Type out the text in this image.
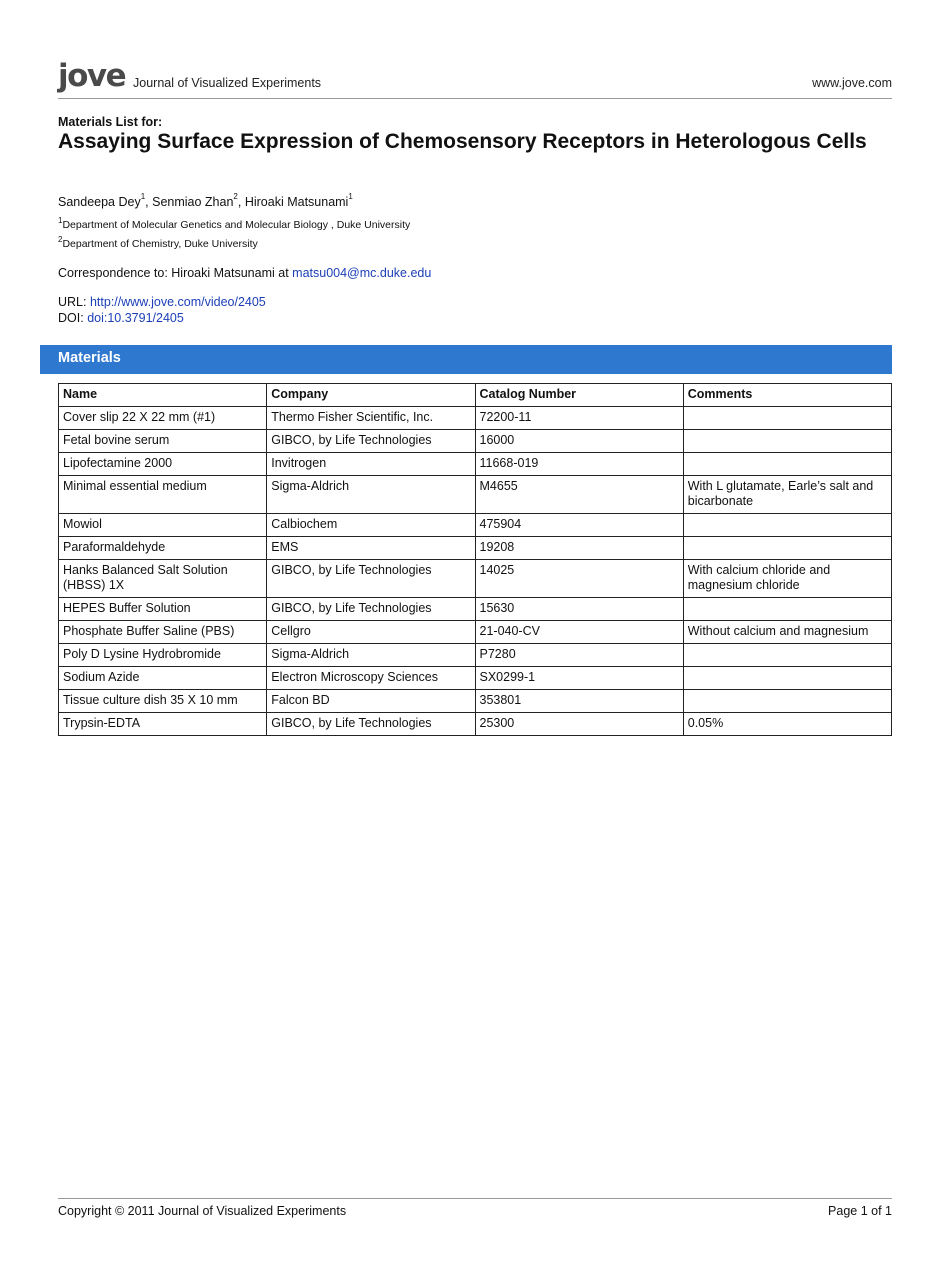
jove Journal of Visualized Experiments	www.jove.com
Materials List for:
Assaying Surface Expression of Chemosensory Receptors in Heterologous Cells
Sandeepa Dey$^1$, Senmiao Zhan$^2$, Hiroaki Matsunami$^1$
$^1$Department of Molecular Genetics and Molecular Biology , Duke University
$^2$Department of Chemistry, Duke University
Correspondence to: Hiroaki Matsunami at matsu004@mc.duke.edu
URL: http://www.jove.com/video/2405
DOI: doi:10.3791/2405
Materials
Name	Company	Catalog Number	Comments
Cover slip 22 X 22 mm (#1)	Thermo Fisher Scientific, Inc.	72200-11	
Fetal bovine serum	GIBCO, by Life Technologies	16000	
Lipofectamine 2000	Invitrogen	11668-019	
Minimal essential medium	Sigma-Aldrich	M4655	With L glutamate, Earle’s salt and bicarbonate
Mowiol	Calbiochem	475904	
Paraformaldehyde	EMS	19208	
Hanks Balanced Salt Solution (HBSS) 1X	GIBCO, by Life Technologies	14025	With calcium chloride and magnesium chloride
HEPES Buffer Solution	GIBCO, by Life Technologies	15630	
Phosphate Buffer Saline (PBS)	Cellgro	21-040-CV	Without calcium and magnesium
Poly D Lysine Hydrobromide	Sigma-Aldrich	P7280	
Sodium Azide	Electron Microscopy Sciences	SX0299-1	
Tissue culture dish 35 X 10 mm	Falcon BD	353801	
Trypsin-EDTA	GIBCO, by Life Technologies	25300	0.05%
Copyright © 2011 Journal of Visualized Experiments	Page 1 of 1
